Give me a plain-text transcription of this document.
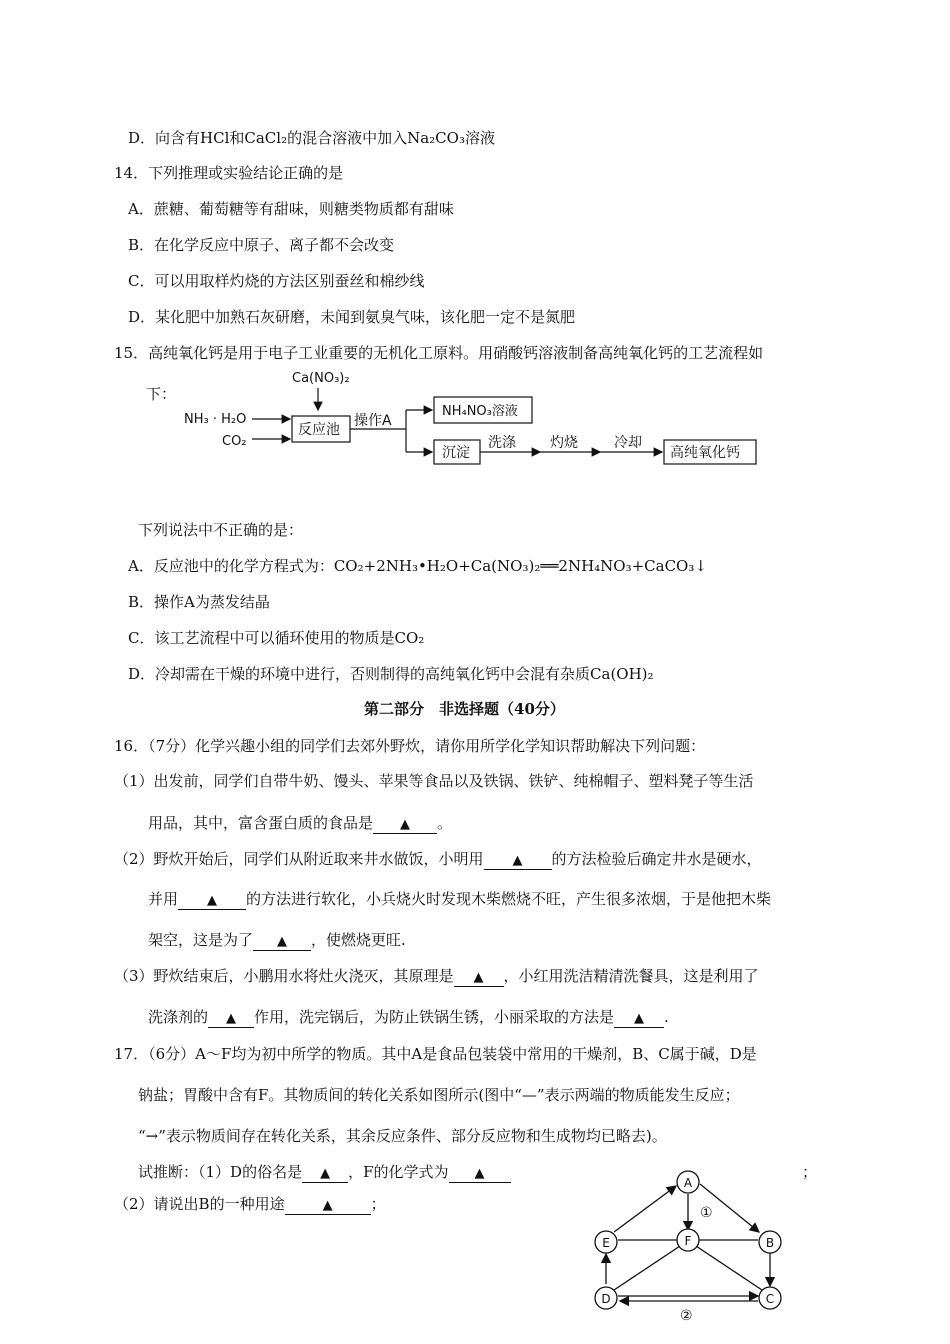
D．向含有HCl和CaCl₂的混合溶液中加入Na₂CO₃溶液
14．下列推理或实验结论正确的是
A．蔗糖、葡萄糖等有甜味，则糖类物质都有甜味
B．在化学反应中原子、离子都不会改变
C．可以用取样灼烧的方法区别蚕丝和棉纱线
D．某化肥中加熟石灰研磨，未闻到氨臭气味，该化肥一定不是氮肥
15．高纯氧化钙是用于电子工业重要的无机化工原料。用硝酸钙溶液制备高纯氧化钙的工艺流程如
下：
Ca(NO₃)₂
NH₃ · H₂O
CO₂
反应池
操作A
NH₄NO₃溶液
沉淀
洗涤 灼烧	冷却
高纯氧化钙
下列说法中不正确的是：
A．反应池中的化学方程式为：CO₂+2NH₃•H₂O+Ca(NO₃)₂══2NH₄NO₃+CaCO₃↓
B．操作A为蒸发结晶
C．该工艺流程中可以循环使用的物质是CO₂
D．冷却需在干燥的环境中进行，否则制得的高纯氧化钙中会混有杂质Ca(OH)₂
第二部分　非选择题（40分）
16．（7分）化学兴趣小组的同学们去郊外野炊，请你用所学化学知识帮助解决下列问题：
（1）出发前，同学们自带牛奶、馒头、苹果等食品以及铁锅、铁铲、纯棉帽子、塑料凳子等生活
用品，其中，富含蛋白质的食品是 ▲ 。
（2）野炊开始后，同学们从附近取来井水做饭，小明用 ▲ 的方法检验后确定井水是硬水，
并用 ▲ 的方法进行软化，小兵烧火时发现木柴燃烧不旺，产生很多浓烟，于是他把木柴
架空，这是为了 ▲ ，使燃烧更旺.
（3）野炊结束后，小鹏用水将灶火浇灭，其原理是 ▲ ，小红用洗洁精清洗餐具，这是利用了
洗涤剂的 ▲ 作用，洗完锅后，为防止铁锅生锈，小丽采取的方法是 ▲ .
17．（6分）A～F均为初中所学的物质。其中A是食品包装袋中常用的干燥剂，B、C属于碱，D是
钠盐；胃酸中含有F。其物质间的转化关系如图所示(图中“—”表示两端的物质能发生反应；
“→”表示物质间存在转化关系，其余反应条件、部分反应物和生成物均已略去)。
试推断：（1）D的俗名是 ▲ ，F的化学式为 ▲	；
（2）请说出B的一种用途	▲	；
A
E	F	B
D	C
①
②
